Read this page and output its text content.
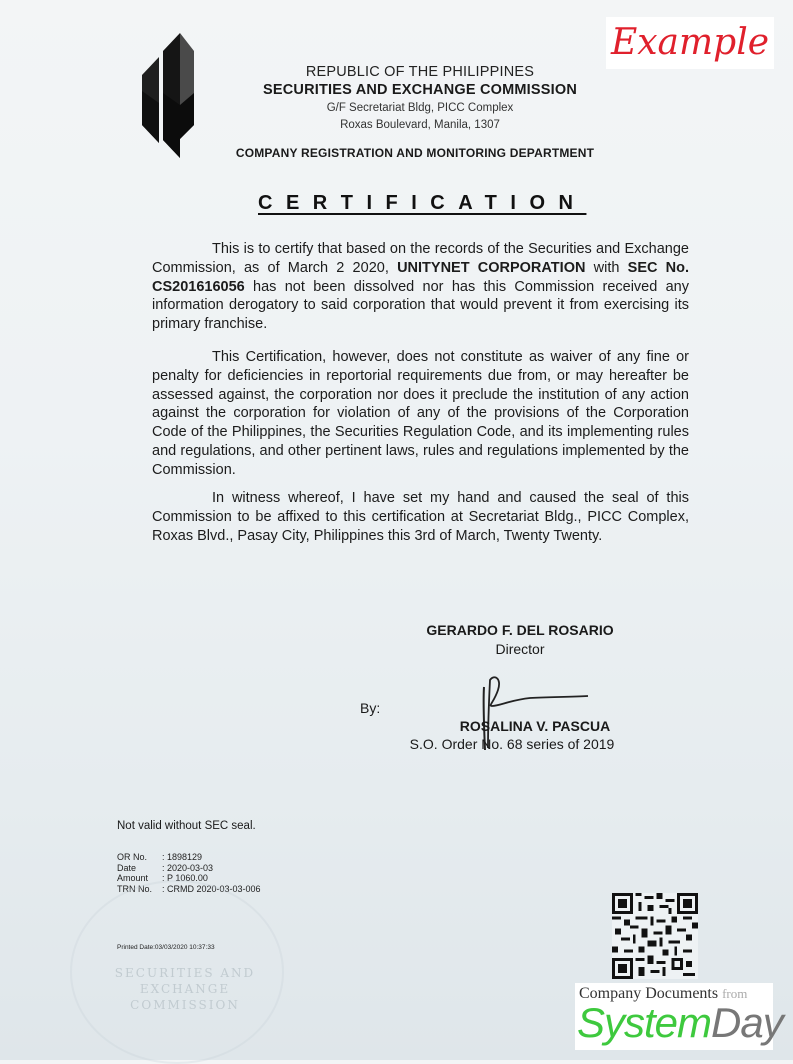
Example
REPUBLIC OF THE PHILIPPINES
SECURITIES AND EXCHANGE COMMISSION
G/F Secretariat Bldg, PICC Complex
Roxas Boulevard, Manila, 1307
COMPANY REGISTRATION AND MONITORING DEPARTMENT
CERTIFICATION
This is to certify that based on the records of the Securities and Exchange Commission, as of March 2 2020, UNITYNET CORPORATION with SEC No. CS201616056 has not been dissolved nor has this Commission received any information derogatory to said corporation that would prevent it from exercising its primary franchise.
This Certification, however, does not constitute as waiver of any fine or penalty for deficiencies in reportorial requirements due from, or may hereafter be assessed against, the corporation nor does it preclude the institution of any action against the corporation for violation of any of the provisions of the Corporation Code of the Philippines, the Securities Regulation Code, and its implementing rules and regulations, and other pertinent laws, rules and regulations implemented by the Commission.
In witness whereof, I have set my hand and caused the seal of this Commission to be affixed to this certification at Secretariat Bldg., PICC Complex, Roxas Blvd., Pasay City, Philippines this 3rd of March, Twenty Twenty.
GERARDO F. DEL ROSARIO
Director
By:
ROSALINA V. PASCUA
S.O. Order No. 68 series of 2019
Not valid without SEC seal.
OR No.	: 1898129
Date	: 2020-03-03
Amount	: P 1060.00
TRN No.	: CRMD 2020-03-03-006
SECURITIES AND EXCHANGE COMMISSION
Printed Date:03/03/2020 10:37:33
Company Documents from
SystemDay
